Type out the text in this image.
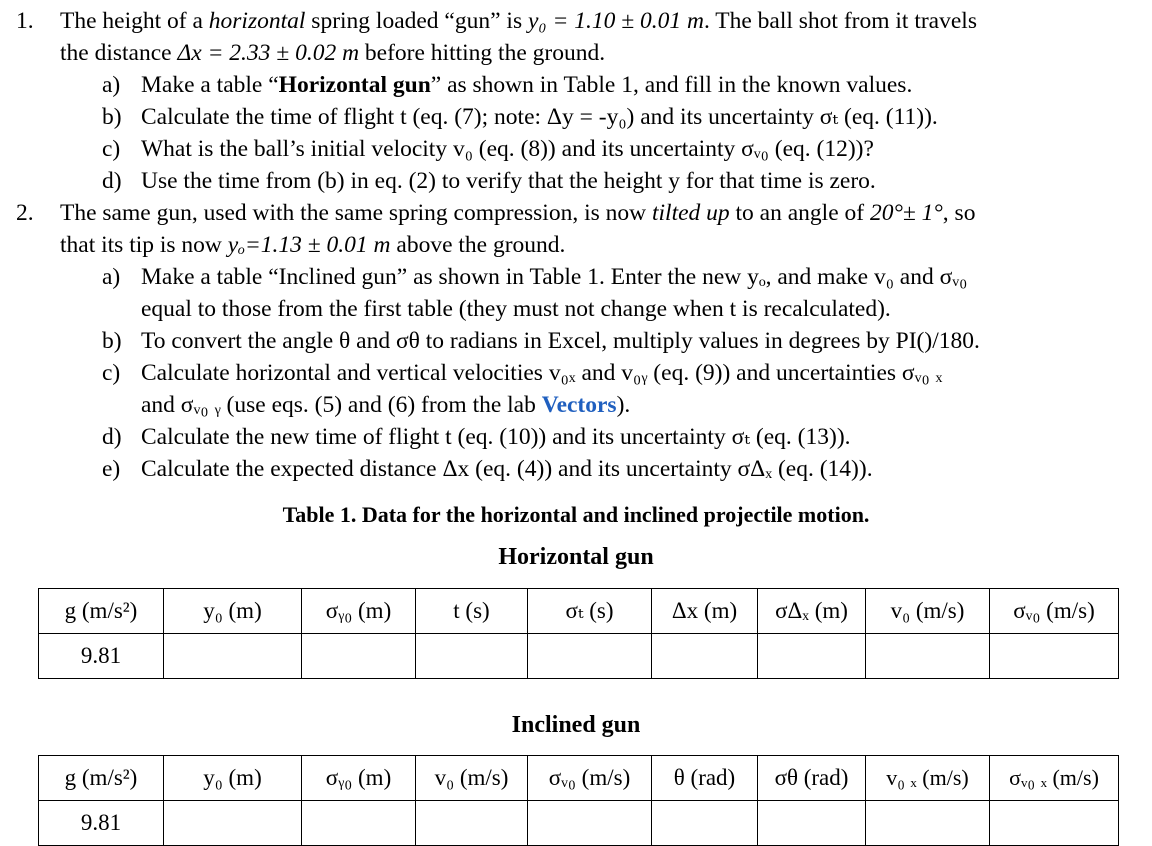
1. The height of a horizontal spring loaded “gun” is y₀ = 1.10 ± 0.01 m. The ball shot from it travels
the distance Δx = 2.33 ± 0.02 m before hitting the ground.
a) Make a table “Horizontal gun” as shown in Table 1, and fill in the known values.
b) Calculate the time of flight t (eq. (7); note: Δy = -y₀) and its uncertainty σₜ (eq. (11)).
c) What is the ball’s initial velocity v₀ (eq. (8)) and its uncertainty σᵥ₀ (eq. (12))?
d) Use the time from (b) in eq. (2) to verify that the height y for that time is zero.
2. The same gun, used with the same spring compression, is now tilted up to an angle of 20°± 1°, so
that its tip is now yₒ=1.13 ± 0.01 m above the ground.
a) Make a table “Inclined gun” as shown in Table 1. Enter the new yₒ, and make v₀ and σᵥ₀
equal to those from the first table (they must not change when t is recalculated).
b) To convert the angle θ and σθ to radians in Excel, multiply values in degrees by PI()/180.
c) Calculate horizontal and vertical velocities v₀ₓ and v₀ᵧ (eq. (9)) and uncertainties σᵥ₀ ₓ
and σᵥ₀ ᵧ (use eqs. (5) and (6) from the lab Vectors).
d) Calculate the new time of flight t (eq. (10)) and its uncertainty σₜ (eq. (13)).
e) Calculate the expected distance Δx (eq. (4)) and its uncertainty σΔₓ (eq. (14)).
Table 1. Data for the horizontal and inclined projectile motion.
Horizontal gun
g (m/s²)	y₀ (m)	σᵧ₀ (m)	t (s)	σₜ (s)	Δx (m)	σΔₓ (m)	v₀ (m/s)	σᵥ₀ (m/s)
9.81								
Inclined gun
g (m/s²)	y₀ (m)	σᵧ₀ (m)	v₀ (m/s)	σᵥ₀ (m/s)	θ (rad)	σθ (rad)	v₀ ₓ (m/s)	σᵥ₀ ₓ (m/s)
9.81								
